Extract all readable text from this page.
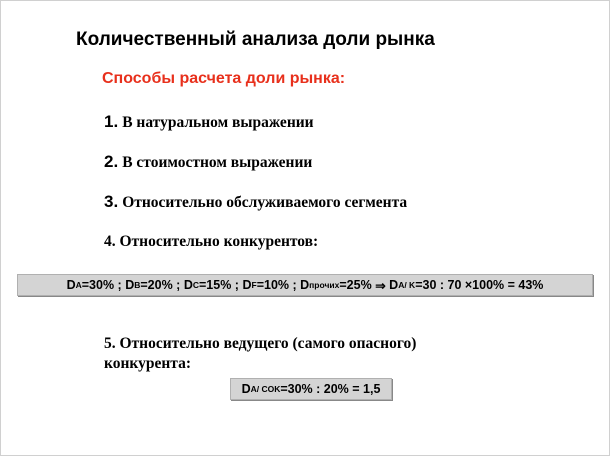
Количественный анализа доли рынка
Способы расчета доли рынка:
1. В натуральном выражении
2. В стоимостном выражении
3. Относительно обслуживаемого сегмента
4. Относительно конкурентов:
D A =30% ;
D B =20% ;
D C =15% ;
D F =10% ;
D прочих =25%
⇒
D A/ K =30 : 70 ×100% = 43%
5. Относительно ведущего (самого опасного)
конкурента:
D A/ COK =30% : 20% = 1,5
